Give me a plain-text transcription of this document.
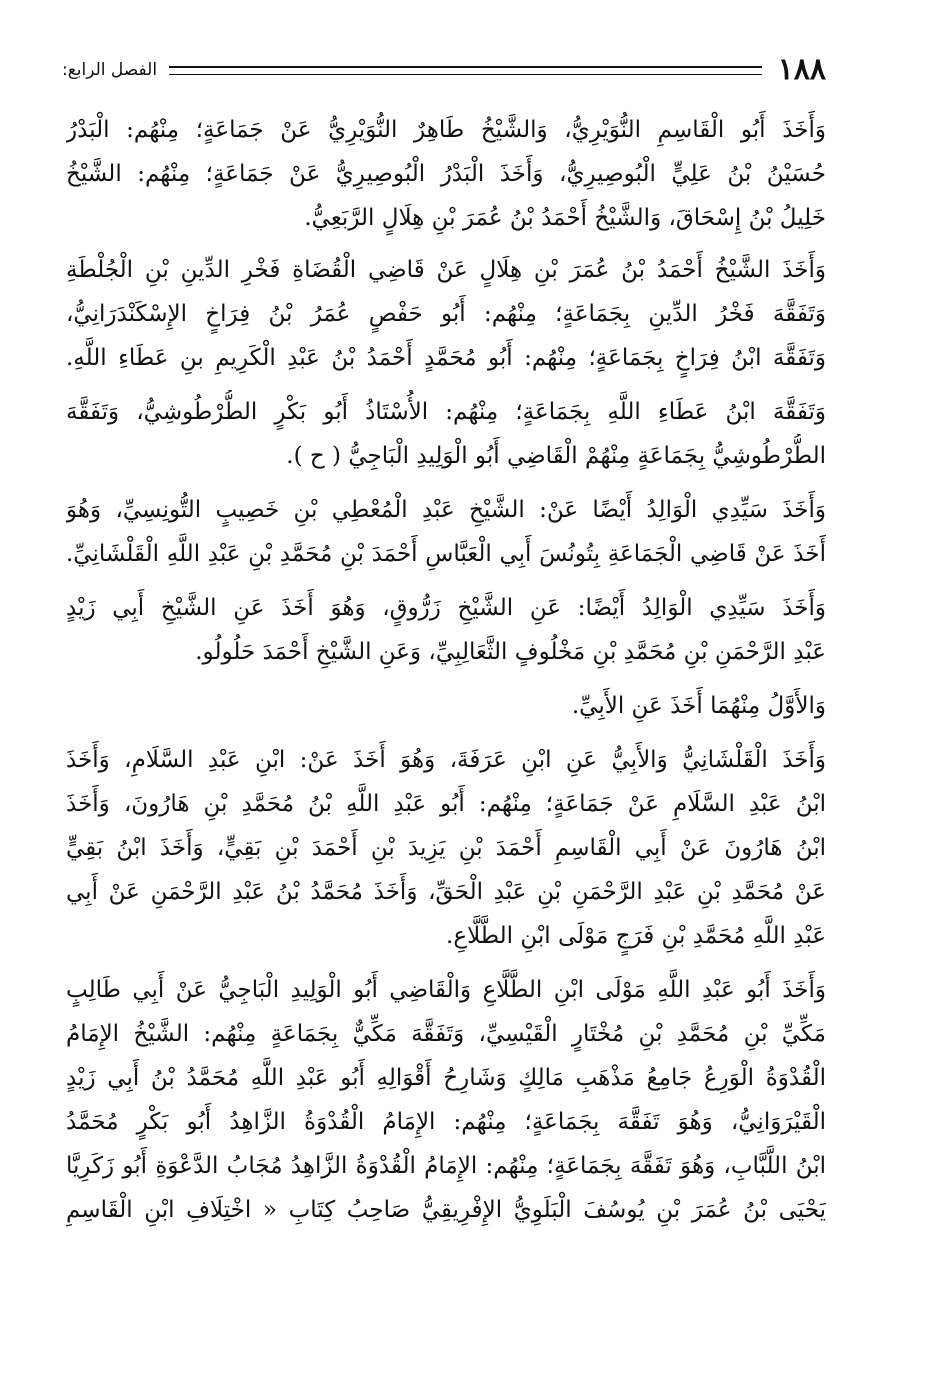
١٨٨
الفصل الرابع:
وَأَخَذَ أَبُو الْقَاسِمِ النُّوَيْرِيُّ، وَالشَّيْخُ طَاهِرٌ النُّوَيْرِيُّ عَنْ جَمَاعَةٍ؛ مِنْهُم: الْبَدْرُ
حُسَيْنُ بْنُ عَلِيٍّ الْبُوصِيرِيُّ، وَأَخَذَ الْبَدْرُ الْبُوصِيرِيُّ عَنْ جَمَاعَةٍ؛ مِنْهُم: الشَّيْخُ
خَلِيلُ بْنُ إِسْحَاقَ، وَالشَّيْخُ أَحْمَدُ بْنُ عُمَرَ بْنِ هِلَالٍ الرَّبَعِيُّ.
وَأَخَذَ الشَّيْخُ أَحْمَدُ بْنُ عُمَرَ بْنِ هِلَالٍ عَنْ قَاضِي الْقُضَاةِ فَخْرِ الدِّينِ بْنِ الْجُلْطَةِ
وَتَفَقَّهَ فَخْرُ الدِّينِ بِجَمَاعَةٍ؛ مِنْهُم: أَبُو حَفْصٍ عُمَرُ بْنُ فِرَاخٍ الإِسْكَنْدَرَانِيُّ،
وَتَفَقَّهَ ابْنُ فِرَاخٍ بِجَمَاعَةٍ؛ مِنْهُم: أَبُو مُحَمَّدٍ أَحْمَدُ بْنُ عَبْدِ الْكَرِيمِ بنِ عَطَاءِ اللَّهِ.
وَتَفَقَّهَ ابْنُ عَطَاءِ اللَّهِ بِجَمَاعَةٍ؛ مِنْهُم: الأُسْتَاذُ أَبُو بَكْرٍ الطُّرْطُوشِيُّ، وَتَفَقَّهَ
الطُّرْطُوشِيُّ بِجَمَاعَةٍ مِنْهُمْ الْقَاضِي أَبُو الْوَلِيدِ الْبَاجِيُّ ( ح ).
وَأَخَذَ سَيِّدِي الْوَالِدُ أَيْضًا عَنْ: الشَّيْخِ عَبْدِ الْمُعْطِي بْنِ خَصِيبٍ التُّونِسِيِّ، وَهُوَ
أَخَذَ عَنْ قَاضِي الْجَمَاعَةِ بِتُونُسَ أَبِي الْعَبَّاسِ أَحْمَدَ بْنِ مُحَمَّدِ بْنِ عَبْدِ اللَّهِ الْقَلْشَانِيِّ.
وَأَخَذَ سَيِّدِي الْوَالِدُ أَيْضًا: عَنِ الشَّيْخِ زَرُّوقٍ، وَهُوَ أَخَذَ عَنِ الشَّيْخِ أَبِي زَيْدٍ
عَبْدِ الرَّحْمَنِ بْنِ مُحَمَّدِ بْنِ مَخْلُوفٍ الثَّعَالِبِيِّ، وَعَنِ الشَّيْخِ أَحْمَدَ حَلُولُو.
وَالأَوَّلُ مِنْهُمَا أَخَذَ عَنِ الأَبِيِّ.
وَأَخَذَ الْقَلْشَانِيُّ وَالأَبِيُّ عَنِ ابْنِ عَرَفَةَ، وَهُوَ أَخَذَ عَنْ: ابْنِ عَبْدِ السَّلَامِ، وَأَخَذَ
ابْنُ عَبْدِ السَّلَامِ عَنْ جَمَاعَةٍ؛ مِنْهُم: أَبُو عَبْدِ اللَّهِ بْنُ مُحَمَّدِ بْنِ هَارُونَ، وَأَخَذَ
ابْنُ هَارُونَ عَنْ أَبِي الْقَاسِمِ أَحْمَدَ بْنِ يَزِيدَ بْنِ أَحْمَدَ بْنِ بَقِيٍّ، وَأَخَذَ ابْنُ بَقِيٍّ
عَنْ مُحَمَّدِ بْنِ عَبْدِ الرَّحْمَنِ بْنِ عَبْدِ الْحَقِّ، وَأَخَذَ مُحَمَّدُ بْنُ عَبْدِ الرَّحْمَنِ عَنْ أَبِي
عَبْدِ اللَّهِ مُحَمَّدِ بْنِ فَرَجٍ مَوْلَى ابْنِ الطَّلَّاعِ.
وَأَخَذَ أَبُو عَبْدِ اللَّهِ مَوْلَى ابْنِ الطَّلَّاعِ وَالْقَاضِي أَبُو الْوَلِيدِ الْبَاجِيُّ عَنْ أَبِي طَالِبٍ
مَكِّيِّ بْنِ مُحَمَّدِ بْنِ مُخْتَارٍ الْقَيْسِيِّ، وَتَفَقَّهَ مَكِّيٌّ بِجَمَاعَةٍ مِنْهُم: الشَّيْخُ الإِمَامُ
الْقُدْوَةُ الْوَرِعُ جَامِعُ مَذْهَبِ مَالِكٍ وَشَارِحُ أَقْوَالِهِ أَبُو عَبْدِ اللَّهِ مُحَمَّدُ بْنُ أَبِي زَيْدٍ
الْقَيْرَوَانِيُّ، وَهُوَ تَفَقَّهَ بِجَمَاعَةٍ؛ مِنْهُم: الإِمَامُ الْقُدْوَةُ الزَّاهِدُ أَبُو بَكْرٍ مُحَمَّدُ
ابْنُ اللَّبَّابِ، وَهُوَ تَفَقَّهَ بِجَمَاعَةٍ؛ مِنْهُم: الإِمَامُ الْقُدْوَةُ الزَّاهِدُ مُجَابُ الدَّعْوَةِ أَبُو زَكَرِيَّا
يَحْيَى بْنُ عُمَرَ بْنِ يُوسُفَ الْبَلَوِيُّ الإِفْرِيقِيُّ صَاحِبُ كِتَابِ « اخْتِلَافِ ابْنِ الْقَاسِمِ
